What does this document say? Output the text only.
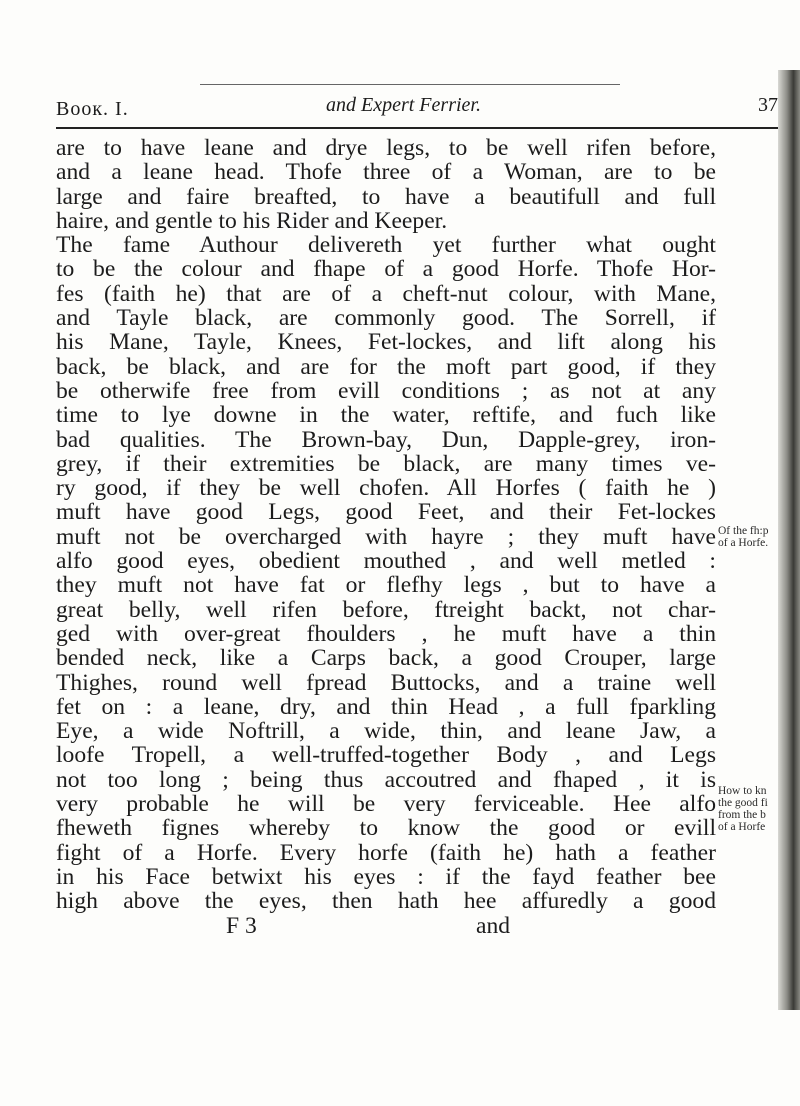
Booк. I.	and Expert Ferrier.	37
are to have leane and drye legs, to be well rifen before,
and a leane head. Thofe three of a Woman, are to be
large and faire breafted, to have a beautifull and full
haire, and gentle to his Rider and Keeper.
The fame Authour delivereth yet further what ought
to be the colour and fhape of a good Horfe. Thofe Hor-
fes (faith he) that are of a cheft-nut colour, with Mane,
and Tayle black, are commonly good. The Sorrell, if
his Mane, Tayle, Knees, Fet-lockes, and lift along his
back, be black, and are for the moft part good, if they
be otherwife free from evill conditions ; as not at any
time to lye downe in the water, reftife, and fuch like
bad qualities. The Brown-bay, Dun, Dapple-grey, iron-
grey, if their extremities be black, are many times ve-
ry good, if they be well chofen. All Horfes ( faith he )
muft have good Legs, good Feet, and their Fet-lockes
muft not be overcharged with hayre ; they muft have
alfo good eyes, obedient mouthed , and well metled :
they muft not have fat or flefhy legs , but to have a
great belly, well rifen before, ftreight backt, not char-
ged with over-great fhoulders , he muft have a thin
bended neck, like a Carps back, a good Crouper, large
Thighes, round well fpread Buttocks, and a traine well
fet on : a leane, dry, and thin Head , a full fparkling
Eye, a wide Noftrill, a wide, thin, and leane Jaw, a
loofe Tropell, a well-truffed-together Body , and Legs
not too long ; being thus accoutred and fhaped , it is
very probable he will be very ferviceable. Hee alfo
fheweth fignes whereby to know the good or evill
fight of a Horfe. Every horfe (faith he) hath a feather
in his Face betwixt his eyes : if the fayd feather bee
high above the eyes, then hath hee affuredly a good
F 3	and
Of the fh:p
of a Horfe.
How to kn
the good fi
from the b
of a Horfe
